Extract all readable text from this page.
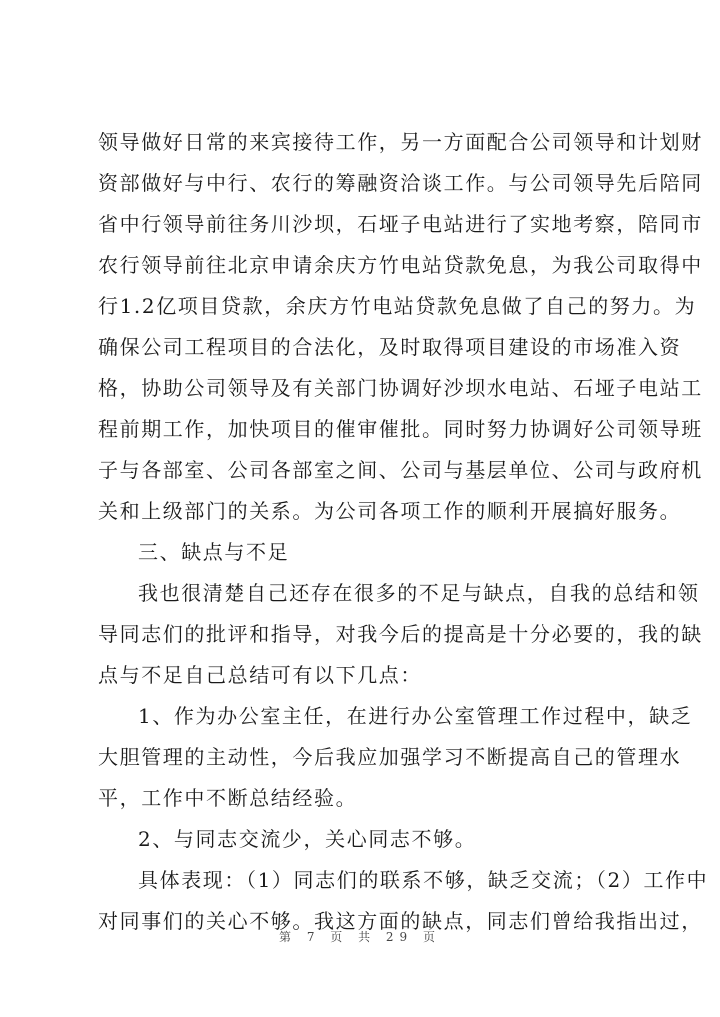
领导做好日常的来宾接待工作，另一方面配合公司领导和计划财
资部做好与中行、农行的筹融资洽谈工作。与公司领导先后陪同
省中行领导前往务川沙坝，石垭子电站进行了实地考察，陪同市
农行领导前往北京申请余庆方竹电站贷款免息，为我公司取得中
行1.2亿项目贷款，余庆方竹电站贷款免息做了自己的努力。为
确保公司工程项目的合法化，及时取得项目建设的市场准入资
格，协助公司领导及有关部门协调好沙坝水电站、石垭子电站工
程前期工作，加快项目的催审催批。同时努力协调好公司领导班
子与各部室、公司各部室之间、公司与基层单位、公司与政府机
关和上级部门的关系。为公司各项工作的顺利开展搞好服务。
三、缺点与不足
我也很清楚自己还存在很多的不足与缺点，自我的总结和领
导同志们的批评和指导，对我今后的提高是十分必要的，我的缺
点与不足自己总结可有以下几点：
1、作为办公室主任，在进行办公室管理工作过程中，缺乏
大胆管理的主动性，今后我应加强学习不断提高自己的管理水
平，工作中不断总结经验。
2、与同志交流少，关心同志不够。
具体表现：（1）同志们的联系不够，缺乏交流；（2）工作中
对同事们的关心不够。我这方面的缺点，同志们曾给我指出过，
第 7 页 共 29 页
